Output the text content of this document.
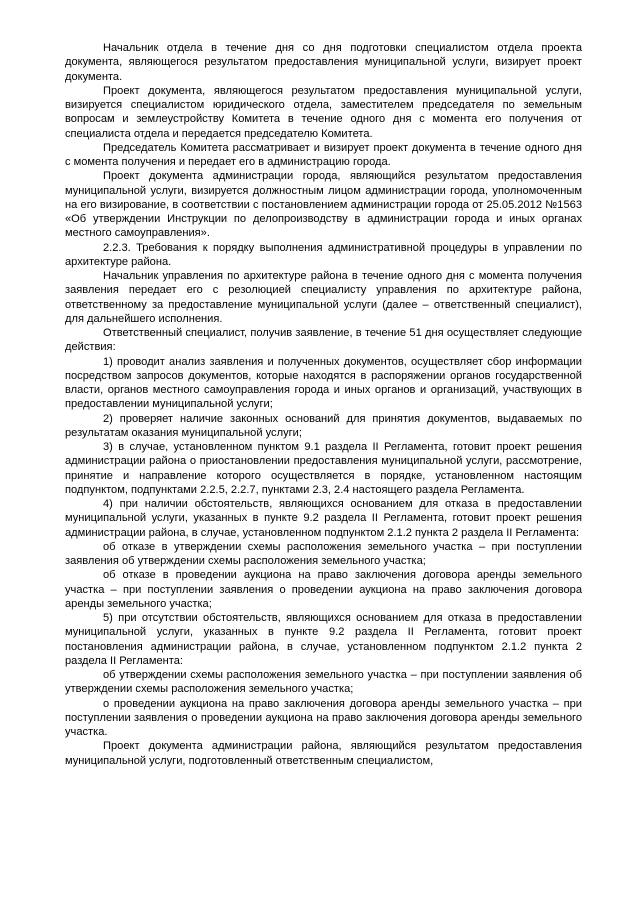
Начальник отдела в течение дня со дня подготовки специалистом отдела проекта документа, являющегося результатом предоставления муниципальной услуги, визирует проект документа.

Проект документа, являющегося результатом предоставления муниципальной услуги, визируется специалистом юридического отдела, заместителем председателя по земельным вопросам и землеустройству Комитета в течение одного дня с момента его получения от специалиста отдела и передается председателю Комитета.

Председатель Комитета рассматривает и визирует проект документа в течение одного дня с момента получения и передает его в администрацию города.

Проект документа администрации города, являющийся результатом предоставления муниципальной услуги, визируется должностным лицом администрации города, уполномоченным на его визирование, в соответствии с постановлением администрации города от 25.05.2012 №1563 «Об утверждении Инструкции по делопроизводству в администрации города и иных органах местного самоуправления».

2.2.3. Требования к порядку выполнения административной процедуры в управлении по архитектуре района.

Начальник управления по архитектуре района в течение одного дня с момента получения заявления передает его с резолюцией специалисту управления по архитектуре района, ответственному за предоставление муниципальной услуги (далее – ответственный специалист), для дальнейшего исполнения.

Ответственный специалист, получив заявление, в течение 51 дня осуществляет следующие действия:

1) проводит анализ заявления и полученных документов, осуществляет сбор информации посредством запросов документов, которые находятся в распоряжении органов государственной власти, органов местного самоуправления города и иных органов и организаций, участвующих в предоставлении муниципальной услуги;

2) проверяет наличие законных оснований для принятия документов, выдаваемых по результатам оказания муниципальной услуги;

3) в случае, установленном пунктом 9.1 раздела II Регламента, готовит проект решения администрации района о приостановлении предоставления муниципальной услуги, рассмотрение, принятие и направление которого осуществляется в порядке, установленном настоящим подпунктом, подпунктами 2.2.5, 2.2.7, пунктами 2.3, 2.4 настоящего раздела Регламента.

4) при наличии обстоятельств, являющихся основанием для отказа в предоставлении муниципальной услуги, указанных в пункте 9.2 раздела II Регламента, готовит проект решения администрации района, в случае, установленном подпунктом 2.1.2 пункта 2 раздела II Регламента:

об отказе в утверждении схемы расположения земельного участка – при поступлении заявления об утверждении схемы расположения земельного участка;

об отказе в проведении аукциона на право заключения договора аренды земельного участка – при поступлении заявления о проведении аукциона на право заключения договора аренды земельного участка;

5) при отсутствии обстоятельств, являющихся основанием для отказа в предоставлении муниципальной услуги, указанных в пункте 9.2 раздела II Регламента, готовит проект постановления администрации района, в случае, установленном подпунктом 2.1.2 пункта 2 раздела II Регламента:

об утверждении схемы расположения земельного участка – при поступлении заявления об утверждении схемы расположения земельного участка;

о проведении аукциона на право заключения договора аренды земельного участка – при поступлении заявления о проведении аукциона на право заключения договора аренды земельного участка.

Проект документа администрации района, являющийся результатом предоставления муниципальной услуги, подготовленный ответственным специалистом,
